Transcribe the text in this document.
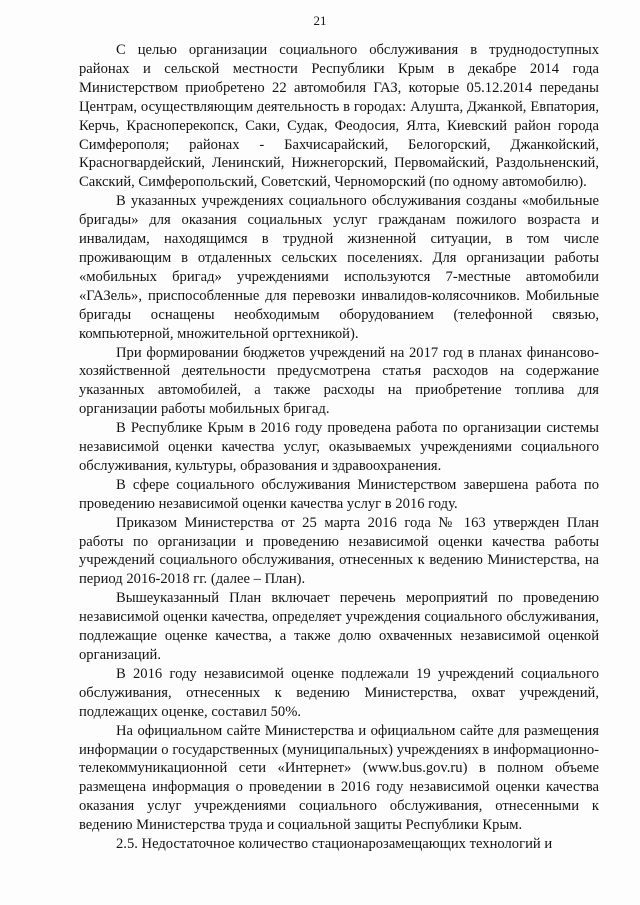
21

С целью организации социального обслуживания в труднодоступных районах и сельской местности Республики Крым в декабре 2014 года Министерством приобретено 22 автомобиля ГАЗ, которые 05.12.2014 переданы Центрам, осуществляющим деятельность в городах: Алушта, Джанкой, Евпатория, Керчь, Красноперекопск, Саки, Судак, Феодосия, Ялта, Киевский район города Симферополя; районах - Бахчисарайский, Белогорский, Джанкойский, Красногвардейский, Ленинский, Нижнегорский, Первомайский, Раздольненский, Сакский, Симферопольский, Советский, Черноморский (по одному автомобилю).

В указанных учреждениях социального обслуживания созданы «мобильные бригады» для оказания социальных услуг гражданам пожилого возраста и инвалидам, находящимся в трудной жизненной ситуации, в том числе проживающим в отдаленных сельских поселениях. Для организации работы «мобильных бригад» учреждениями используются 7-местные автомобили «ГАЗель», приспособленные для перевозки инвалидов-колясочников. Мобильные бригады оснащены необходимым оборудованием (телефонной связью, компьютерной, множительной оргтехникой).

При формировании бюджетов учреждений на 2017 год в планах финансово-хозяйственной деятельности предусмотрена статья расходов на содержание указанных автомобилей, а также расходы на приобретение топлива для организации работы мобильных бригад.

В Республике Крым в 2016 году проведена работа по организации системы независимой оценки качества услуг, оказываемых учреждениями социального обслуживания, культуры, образования и здравоохранения.

В сфере социального обслуживания Министерством завершена работа по проведению независимой оценки качества услуг в 2016 году.

Приказом Министерства от 25 марта 2016 года № 163 утвержден План работы по организации и проведению независимой оценки качества работы учреждений социального обслуживания, отнесенных к ведению Министерства, на период 2016-2018 гг. (далее – План).

Вышеуказанный План включает перечень мероприятий по проведению независимой оценки качества, определяет учреждения социального обслуживания, подлежащие оценке качества, а также долю охваченных независимой оценкой организаций.

В 2016 году независимой оценке подлежали 19 учреждений социального обслуживания, отнесенных к ведению Министерства, охват учреждений, подлежащих оценке, составил 50%.

На официальном сайте Министерства и официальном сайте для размещения информации о государственных (муниципальных) учреждениях в информационно-телекоммуникационной сети «Интернет» (www.bus.gov.ru) в полном объеме размещена информация о проведении в 2016 году независимой оценки качества оказания услуг учреждениями социального обслуживания, отнесенными к ведению Министерства труда и социальной защиты Республики Крым.

2.5. Недостаточное количество стационарозамещающих технологий и
